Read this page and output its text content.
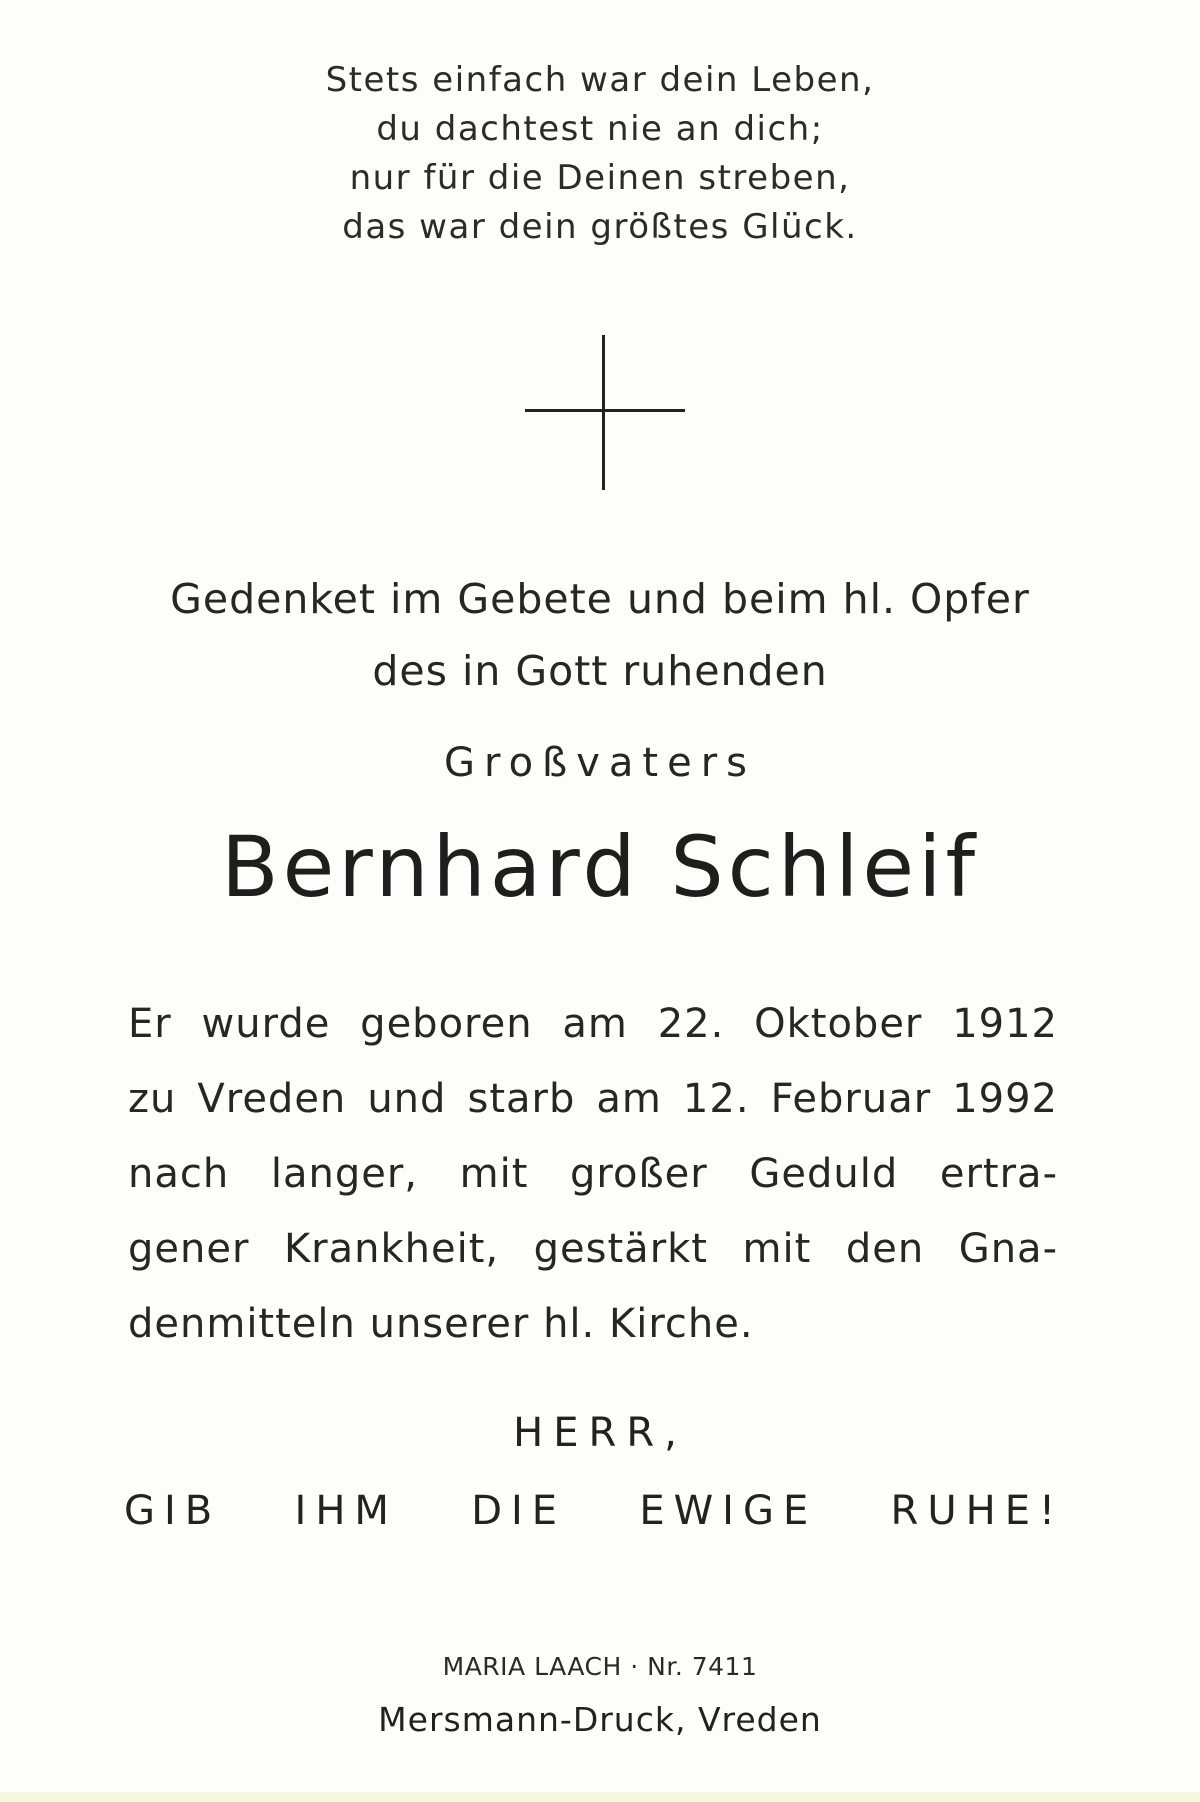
Stets einfach war dein Leben,
du dachtest nie an dich;
nur für die Deinen streben,
das war dein größtes Glück.
Gedenket im Gebete und beim hl. Opfer
des in Gott ruhenden
Großvaters
Bernhard Schleif
Er wurde geboren am 22. Oktober 1912
zu Vreden und starb am 12. Februar 1992
nach langer, mit großer Geduld ertra-
gener Krankheit, gestärkt mit den Gna-
denmitteln unserer hl. Kirche.
HERR,
GIB IHM DIE EWIGE RUHE!
MARIA LAACH · Nr. 7411
Mersmann-Druck, Vreden
